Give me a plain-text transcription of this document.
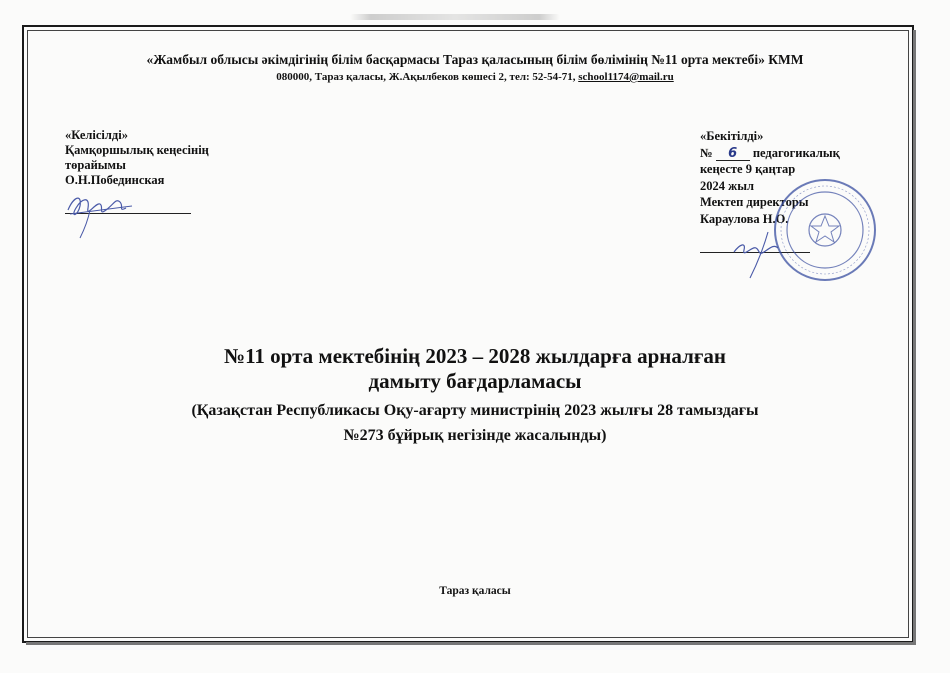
«Жамбыл облысы әкімдігінің білім басқармасы Тараз қаласының білім бөлімінің №11 орта мектебі» КММ
080000, Тараз қаласы, Ж.Ақылбеков көшесі 2, тел: 52-54-71, school1174@mail.ru
«Келісілді»
Қамқоршылық кеңесінің
төрайымы
О.Н.Побединская
«Бекітілді»
№ 6 педагогикалық
кеңесте 9 қаңтар
2024 жыл
Мектеп директоры
Караулова Н.О.
№11 орта мектебінің 2023 – 2028 жылдарға арналған
дамыту бағдарламасы
(Қазақстан Республикасы Оқу-ағарту министрінің 2023 жылғы 28 тамыздағы
№273 бұйрық негізінде жасалынды)
Тараз қаласы
